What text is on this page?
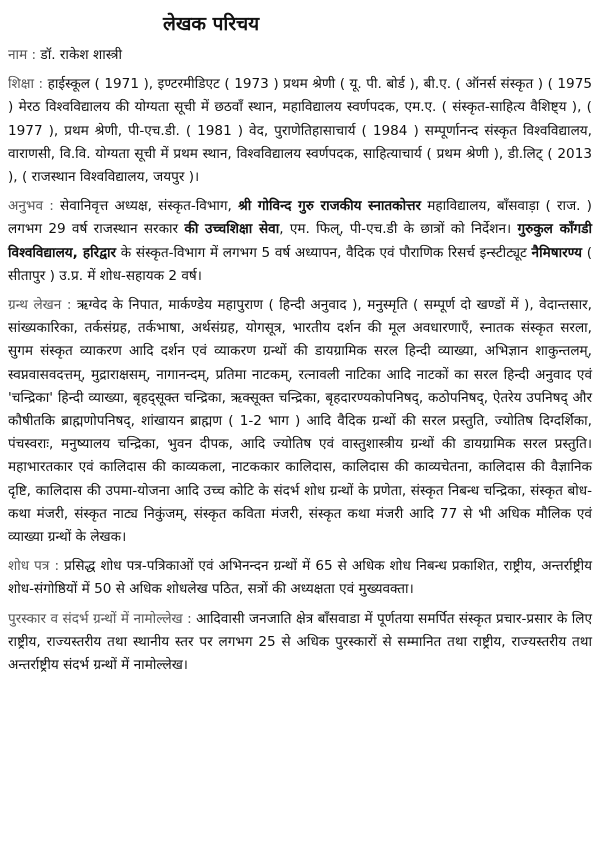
लेखक परिचय
नाम : डॉ. राकेश शास्त्री
शिक्षा : हाईस्कूल ( 1971 ), इण्टरमीडिएट ( 1973 ) प्रथम श्रेणी ( यू. पी. बोर्ड ), बी.ए. ( ऑनर्स संस्कृत ) ( 1975 ) मेरठ विश्वविद्यालय की योग्यता सूची में छठवाँ स्थान, महाविद्यालय स्वर्णपदक, एम.ए. ( संस्कृत-साहित्य वैशिष्ट्य ), ( 1977 ), प्रथम श्रेणी, पी-एच.डी. ( 1981 ) वेद, पुराणेतिहासाचार्य ( 1984 ) सम्पूर्णानन्द संस्कृत विश्वविद्यालय, वाराणसी, वि.वि. योग्यता सूची में प्रथम स्थान, विश्वविद्यालय स्वर्णपदक, साहित्याचार्य ( प्रथम श्रेणी ), डी.लिट् ( 2013 ), ( राजस्थान विश्वविद्यालय, जयपुर )।
अनुभव : सेवानिवृत्त अध्यक्ष, संस्कृत-विभाग, श्री गोविन्द गुरु राजकीय स्नातकोत्तर महाविद्यालय, बाँसवाड़ा ( राज. ) लगभग 29 वर्ष राजस्थान सरकार की उच्चशिक्षा सेवा, एम. फिल्, पी-एच.डी के छात्रों को निर्देशन। गुरुकुल काँगडी विश्वविद्यालय, हरिद्वार के संस्कृत-विभाग में लगभग 5 वर्ष अध्यापन, वैदिक एवं पौराणिक रिसर्च इन्स्टीट्यूट नैमिषारण्य ( सीतापुर ) उ.प्र. में शोध-सहायक 2 वर्ष।
ग्रन्थ लेखन : ऋग्वेद के निपात, मार्कण्डेय महापुराण ( हिन्दी अनुवाद ), मनुस्मृति ( सम्पूर्ण दो खण्डों में ), वेदान्तसार, सांख्यकारिका, तर्कसंग्रह, तर्कभाषा, अर्थसंग्रह, योगसूत्र, भारतीय दर्शन की मूल अवधारणाएँ, स्नातक संस्कृत सरला, सुगम संस्कृत व्याकरण आदि दर्शन एवं व्याकरण ग्रन्थों की डायग्रामिक सरल हिन्दी व्याख्या, अभिज्ञान शाकुन्तलम्, स्वप्नवासवदत्तम्, मुद्राराक्षसम्, नागानन्दम्, प्रतिमा नाटकम्, रत्नावली नाटिका आदि नाटकों का सरल हिन्दी अनुवाद एवं 'चन्द्रिका' हिन्दी व्याख्या, बृहद्‌सूक्त चन्द्रिका, ऋक्सूक्त चन्द्रिका, बृहदारण्यकोपनिषद्, कठोपनिषद्, ऐतरेय उपनिषद् और कौषीतकि ब्राह्मणोपनिषद्, शांखायन ब्राह्मण ( 1-2 भाग ) आदि वैदिक ग्रन्थों की सरल प्रस्तुति, ज्योतिष दिग्दर्शिका, पंचस्वराः, मनुष्यालय चन्द्रिका, भुवन दीपक, आदि ज्योतिष एवं वास्तुशास्त्रीय ग्रन्थों की डायग्रामिक सरल प्रस्तुति। महाभारतकार एवं कालिदास की काव्यकला, नाटककार कालिदास, कालिदास की काव्यचेतना, कालिदास की वैज्ञानिक दृष्टि, कालिदास की उपमा-योजना आदि उच्च कोटि के संदर्भ शोध ग्रन्थों के प्रणेता, संस्कृत निबन्ध चन्द्रिका, संस्कृत बोध-कथा मंजरी, संस्कृत नाट्य निकुंजम्, संस्कृत कविता मंजरी, संस्कृत कथा मंजरी आदि 77 से भी अधिक मौलिक एवं व्याख्या ग्रन्थों के लेखक।
शोध पत्र : प्रसिद्ध शोध पत्र-पत्रिकाओं एवं अभिनन्दन ग्रन्थों में 65 से अधिक शोध निबन्ध प्रकाशित, राष्ट्रीय, अन्तर्राष्ट्रीय शोध-संगोष्ठियों में 50 से अधिक शोधलेख पठित, सत्रों की अध्यक्षता एवं मुख्यवक्ता।
पुरस्कार व संदर्भ ग्रन्थों में नामोल्लेख : आदिवासी जनजाति क्षेत्र बाँसवाडा में पूर्णतया समर्पित संस्कृत प्रचार-प्रसार के लिए राष्ट्रीय, राज्यस्तरीय तथा स्थानीय स्तर पर लगभग 25 से अधिक पुरस्कारों से सम्मानित तथा राष्ट्रीय, राज्यस्तरीय तथा अन्तर्राष्ट्रीय संदर्भ ग्रन्थों में नामोल्लेख।
